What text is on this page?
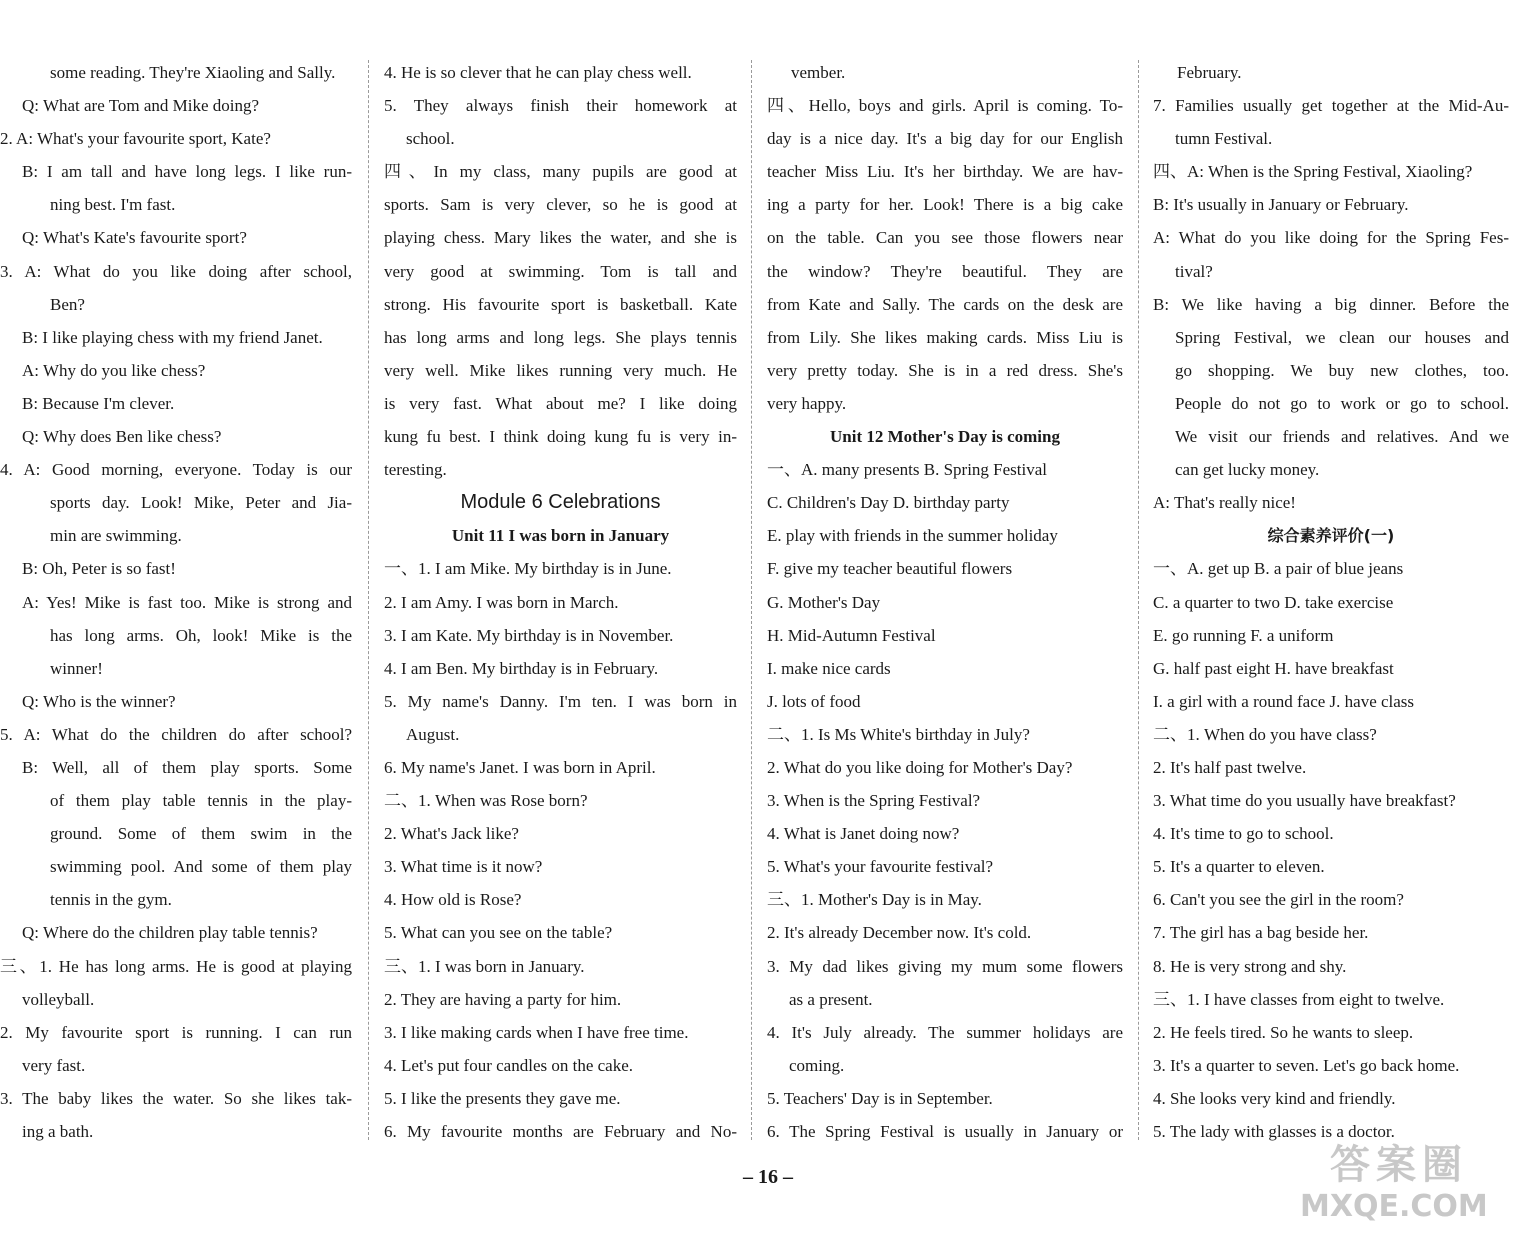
some reading. They're Xiaoling and Sally.
Q: What are Tom and Mike doing?
2. A: What's your favourite sport, Kate?
B: I am tall and have long legs. I like run-
ning best. I'm fast.
Q: What's Kate's favourite sport?
3. A: What do you like doing after school,
Ben?
B: I like playing chess with my friend Janet.
A: Why do you like chess?
B: Because I'm clever.
Q: Why does Ben like chess?
4. A: Good morning, everyone. Today is our
sports day. Look! Mike, Peter and Jia-
min are swimming.
B: Oh, Peter is so fast!
A: Yes! Mike is fast too. Mike is strong and
has long arms. Oh, look! Mike is the
winner!
Q: Who is the winner?
5. A: What do the children do after school?
B: Well, all of them play sports. Some
of them play table tennis in the play-
ground. Some of them swim in the
swimming pool. And some of them play
tennis in the gym.
Q: Where do the children play table tennis?
三、1. He has long arms. He is good at playing
volleyball.
2. My favourite sport is running. I can run
very fast.
3. The baby likes the water. So she likes tak-
ing a bath.
4. He is so clever that he can play chess well.
5. They always finish their homework at
school.
四、In my class, many pupils are good at
sports. Sam is very clever, so he is good at
playing chess. Mary likes the water, and she is
very good at swimming. Tom is tall and
strong. His favourite sport is basketball. Kate
has long arms and long legs. She plays tennis
very well. Mike likes running very much. He
is very fast. What about me? I like doing
kung fu best. I think doing kung fu is very in-
teresting.
Module 6 Celebrations
Unit 11 I was born in January
一、1. I am Mike. My birthday is in June.
2. I am Amy. I was born in March.
3. I am Kate. My birthday is in November.
4. I am Ben. My birthday is in February.
5. My name's Danny. I'm ten. I was born in
August.
6. My name's Janet. I was born in April.
二、1. When was Rose born?
2. What's Jack like?
3. What time is it now?
4. How old is Rose?
5. What can you see on the table?
三、1. I was born in January.
2. They are having a party for him.
3. I like making cards when I have free time.
4. Let's put four candles on the cake.
5. I like the presents they gave me.
6. My favourite months are February and No-
vember.
四、Hello, boys and girls. April is coming. To-
day is a nice day. It's a big day for our English
teacher Miss Liu. It's her birthday. We are hav-
ing a party for her. Look! There is a big cake
on the table. Can you see those flowers near
the window? They're beautiful. They are
from Kate and Sally. The cards on the desk are
from Lily. She likes making cards. Miss Liu is
very pretty today. She is in a red dress. She's
very happy.
Unit 12 Mother's Day is coming
一、A. many presents B. Spring Festival
C. Children's Day D. birthday party
E. play with friends in the summer holiday
F. give my teacher beautiful flowers
G. Mother's Day
H. Mid-Autumn Festival
I. make nice cards
J. lots of food
二、1. Is Ms White's birthday in July?
2. What do you like doing for Mother's Day?
3. When is the Spring Festival?
4. What is Janet doing now?
5. What's your favourite festival?
三、1. Mother's Day is in May.
2. It's already December now. It's cold.
3. My dad likes giving my mum some flowers
as a present.
4. It's July already. The summer holidays are
coming.
5. Teachers' Day is in September.
6. The Spring Festival is usually in January or
February.
7. Families usually get together at the Mid-Au-
tumn Festival.
四、A: When is the Spring Festival, Xiaoling?
B: It's usually in January or February.
A: What do you like doing for the Spring Fes-
tival?
B: We like having a big dinner. Before the
Spring Festival, we clean our houses and
go shopping. We buy new clothes, too.
People do not go to work or go to school.
We visit our friends and relatives. And we
can get lucky money.
A: That's really nice!
综合素养评价(一)
一、A. get up B. a pair of blue jeans
C. a quarter to two D. take exercise
E. go running F. a uniform
G. half past eight H. have breakfast
I. a girl with a round face J. have class
二、1. When do you have class?
2. It's half past twelve.
3. What time do you usually have breakfast?
4. It's time to go to school.
5. It's a quarter to eleven.
6. Can't you see the girl in the room?
7. The girl has a bag beside her.
8. He is very strong and shy.
三、1. I have classes from eight to twelve.
2. He feels tired. So he wants to sleep.
3. It's a quarter to seven. Let's go back home.
4. She looks very kind and friendly.
5. The lady with glasses is a doctor.
– 16 –	答案圈
MXQE.COM
